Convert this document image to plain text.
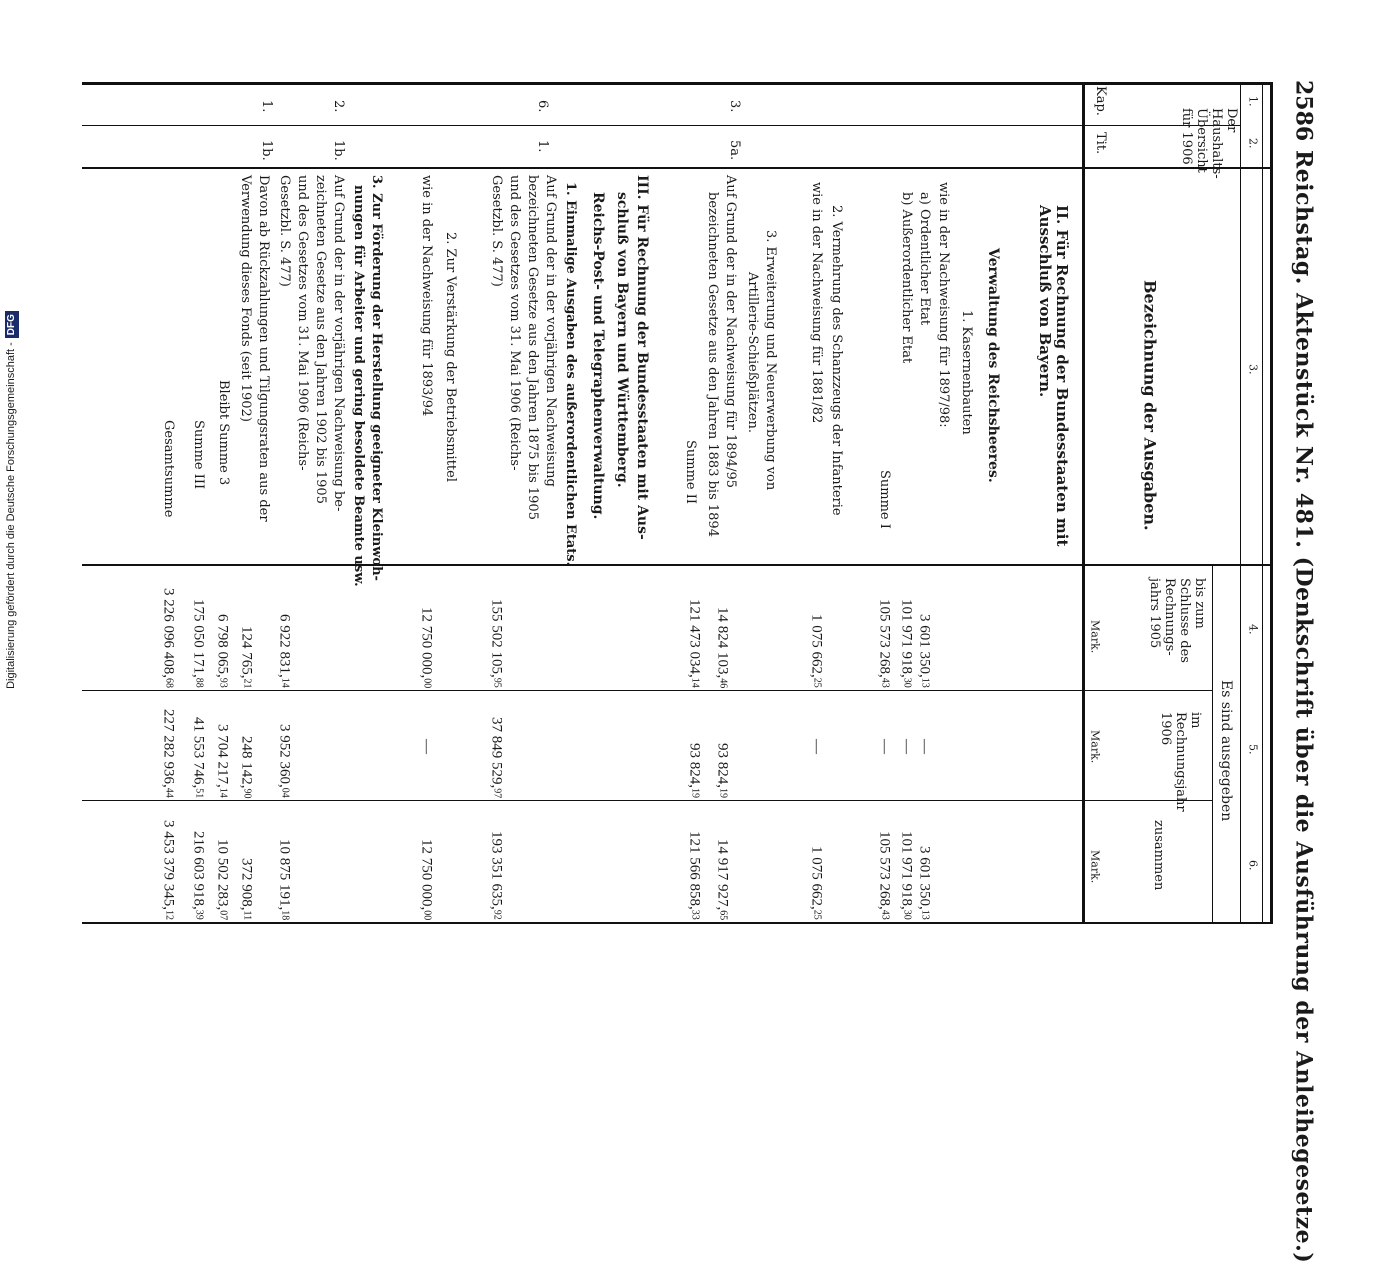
Digitalisierung gefördert durch die Deutsche Forschungsgemeinschaft -DFG
2586
Reichstag. Aktenstück Nr. 481. (Denkschrift über die Ausführung der Anleihegesetze.)
1.
2.
3.
4.
5.
6.
Der Haushalts-Übersicht für 1906
Kap.
Tit.
Bezeichnung der Ausgaben.
Es sind ausgegeben
bis zum Schlusse des Rechnungs-jahrs 1905
im Rechnungsjahr 1906
zusammen
Mark.
Mark.
Mark.
II. Für Rechnung der Bundesstaaten mit Ausschluß von Bayern.
Verwaltung des Reichsheeres.
1. Kasernenbauten
wie in der Nachweisung für 1897/98:
a) Ordentlicher Etat
b) Außerordentlicher Etat
Summe I
2. Vermehrung des Schanzzeugs der Infanterie
wie in der Nachweisung für 1881/82
3. Erweiterung und Neuerwerbung von
Artillerie-Schießplätzen.
Auf Grund der in der Nachweisung für 1894/95
bezeichneten Gesetze aus den Jahren 1883 bis 1894
Summe II
III. Für Rechnung der Bundesstaaten mit Aus-
schluß von Bayern und Württemberg.
Reichs-Post- und Telegraphenverwaltung.
1. Einmalige Ausgaben des außerordentlichen Etats.
Auf Grund der in der vorjährigen Nachweisung
bezeichneten Gesetze aus den Jahren 1875 bis 1905
und des Gesetzes vom 31. Mai 1906 (Reichs-
Gesetzbl. S. 477)
2. Zur Verstärkung der Betriebsmittel
wie in der Nachweisung für 1893/94
3. Zur Förderung der Herstellung geeigneter Kleinwoh-
nungen für Arbeiter und gering besoldete Beamte usw.
Auf Grund der in der vorjährigen Nachweisung be-
zeichneten Gesetze aus den Jahren 1902 bis 1905
und des Gesetzes vom 31. Mai 1906 (Reichs-
Gesetzbl. S. 477)
Davon ab Rückzahlungen und Tilgungsraten aus der
Verwendung dieses Fonds (seit 1902)
Bleibt Summe 3
Summe III
Gesamtsumme
3.
5a.
6.
1.
2.
1b.
1.
1b.
3 601 350,13
—
3 601 350,13
101 971 918,30
—
101 971 918,30
105 573 268,43
—
105 573 268,43
1 075 662,25
—
1 075 662,25
14 824 103,46
93 824,19
14 917 927,65
121 473 034,14
93 824,19
121 566 858,33
155 502 105,95
37 849 529,97
193 351 635,92
12 750 000,00
—
12 750 000,00
6 922 831,14
3 952 360,04
10 875 191,18
124 765,21
248 142,90
372 908,11
6 798 065,93
3 704 217,14
10 502 283,07
175 050 171,88
41 553 746,51
216 603 918,39
3 226 096 408,68
227 282 936,44
3 453 379 345,12
